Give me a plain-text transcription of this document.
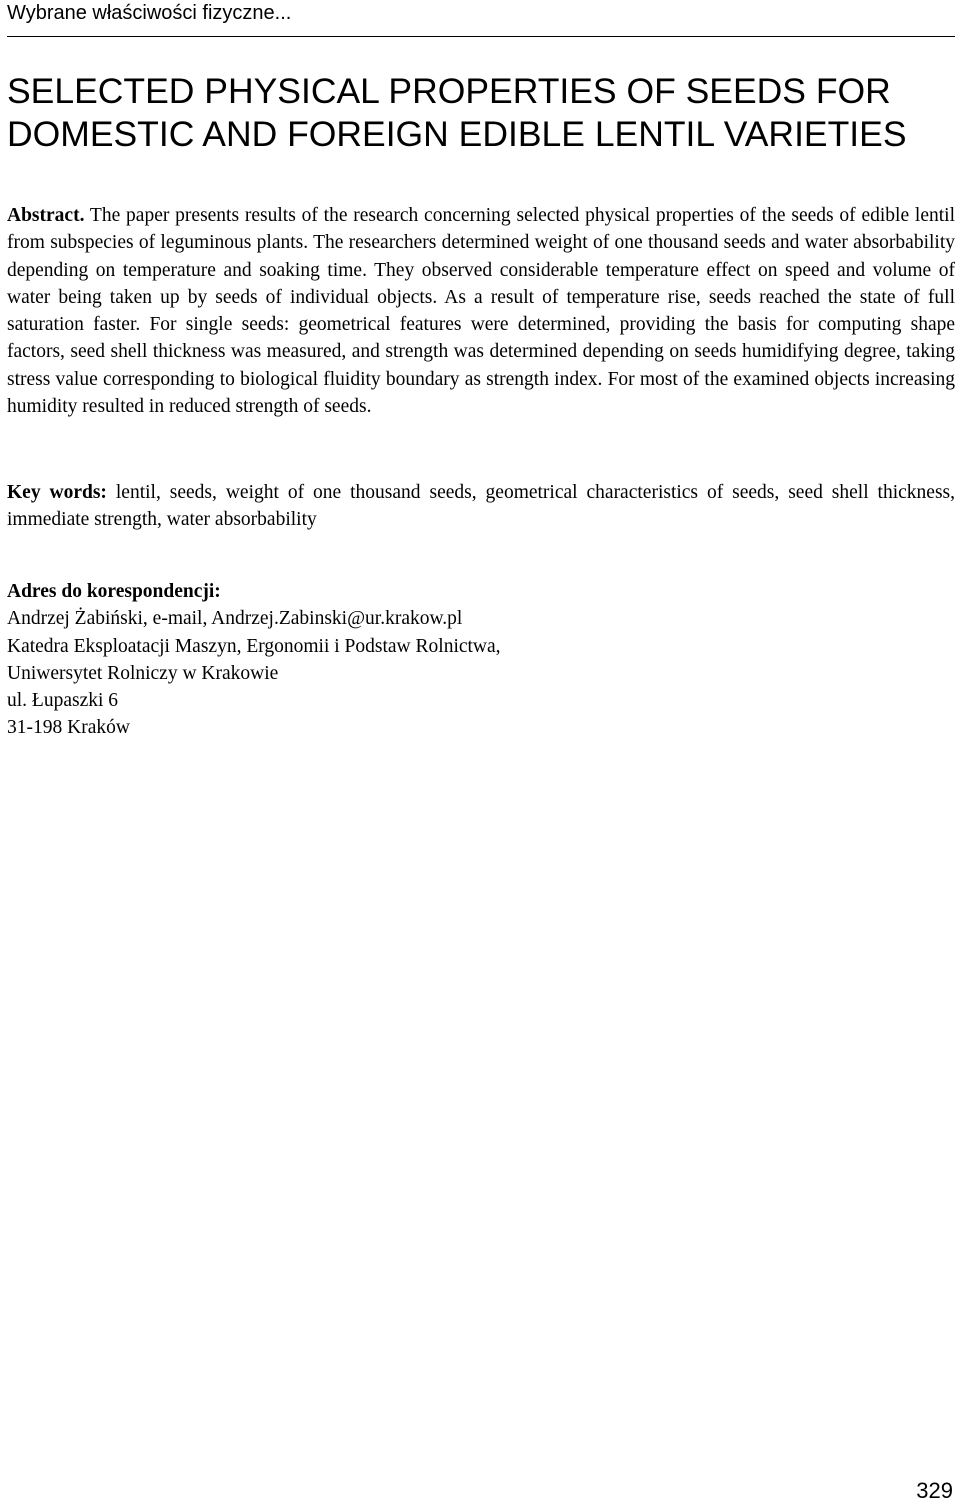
Wybrane właściwości fizyczne...
SELECTED PHYSICAL PROPERTIES OF SEEDS FOR
DOMESTIC AND FOREIGN EDIBLE LENTIL VARIETIES

Abstract. The paper presents results of the research concerning selected physical properties of the seeds of edible lentil from subspecies of leguminous plants. The researchers determined weight of one thousand seeds and water absorbability depending on temperature and soaking time. They observed considerable temperature effect on speed and volume of water being taken up by seeds of individual objects. As a result of temperature rise, seeds reached the state of full saturation faster. For single seeds: geometrical features were determined, providing the basis for computing shape factors, seed shell thickness was measured, and strength was determined depending on seeds humidifying degree, taking stress value corresponding to biological fluidity boundary as strength index. For most of the examined objects increasing humidity resulted in reduced strength of seeds.

Key words: lentil, seeds, weight of one thousand seeds, geometrical characteristics of seeds, seed shell thickness, immediate strength, water absorbability

Adres do korespondencji:
Andrzej Żabiński, e-mail, Andrzej.Zabinski@ur.krakow.pl
Katedra Eksploatacji Maszyn, Ergonomii i Podstaw Rolnictwa,
Uniwersytet Rolniczy w Krakowie
ul. Łupaszki 6
31-198 Kraków
329
